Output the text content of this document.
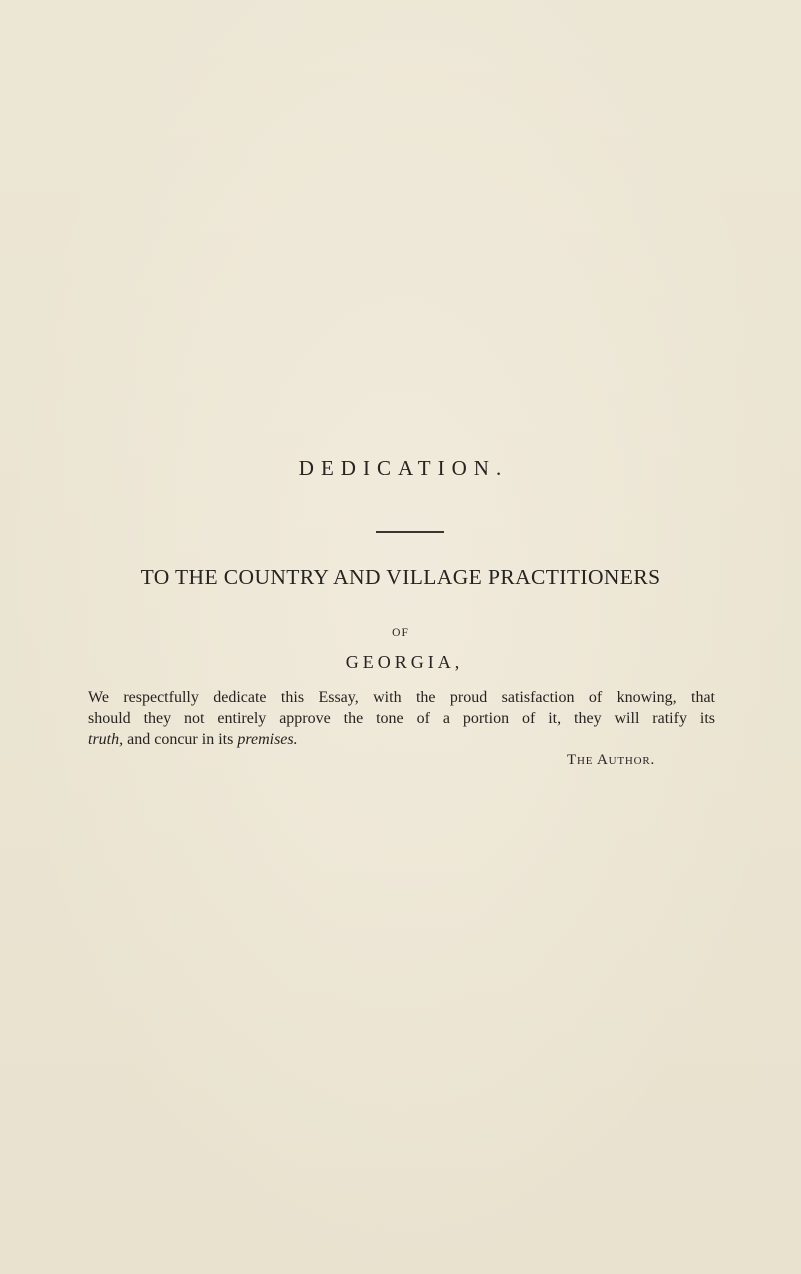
DEDICATION.

TO THE COUNTRY AND VILLAGE PRACTITIONERS

OF

GEORGIA,

We respectfully dedicate this Essay, with the proud satisfaction of knowing, that
should they not entirely approve the tone of a portion of it, they will ratify its
truth, and concur in its premises.

The Author.
